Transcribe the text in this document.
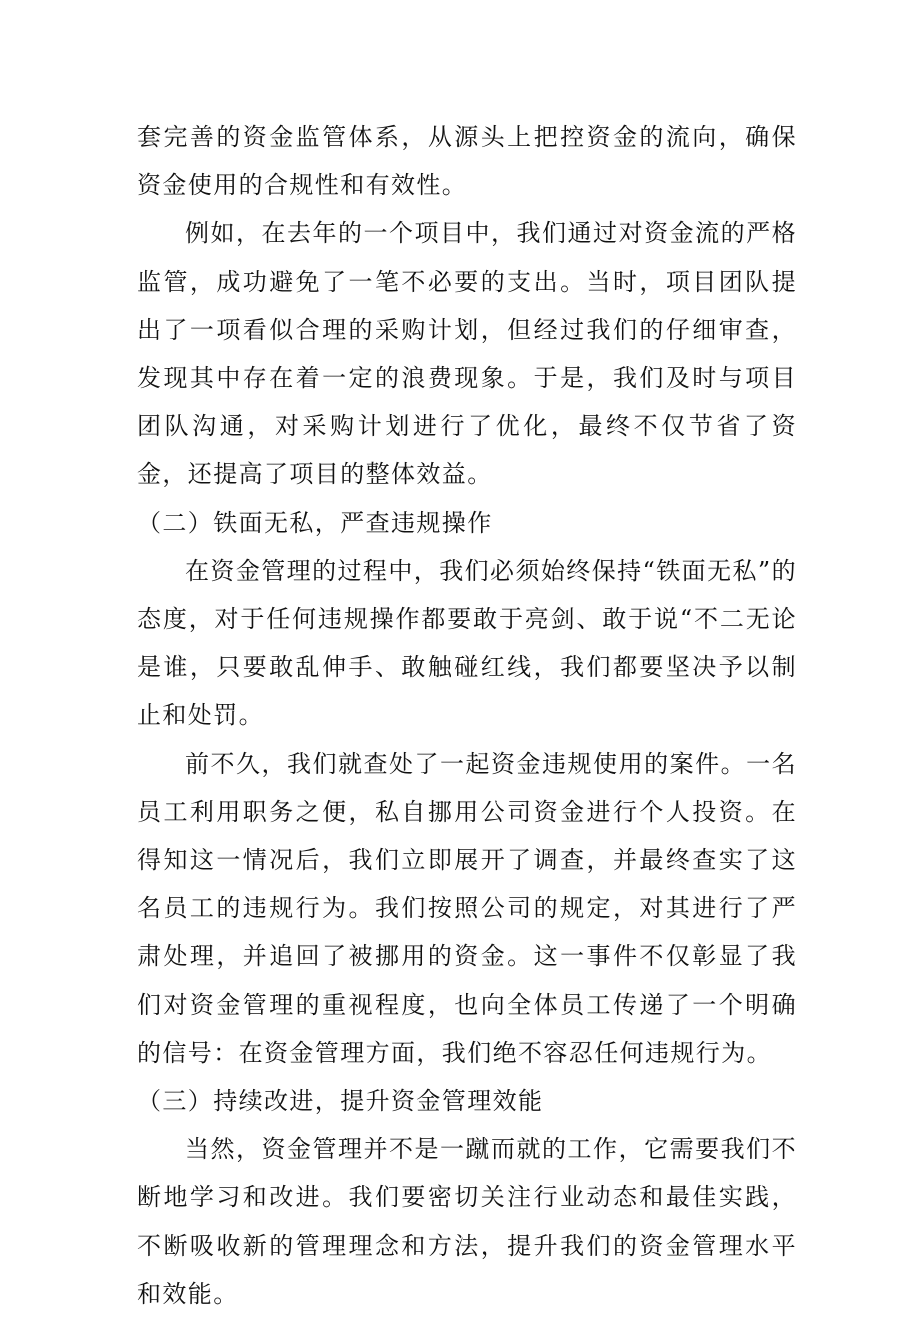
套完善的资金监管体系，从源头上把控资金的流向，确保资金使用的合规性和有效性。

例如，在去年的一个项目中，我们通过对资金流的严格监管，成功避免了一笔不必要的支出。当时，项目团队提出了一项看似合理的采购计划，但经过我们的仔细审查，发现其中存在着一定的浪费现象。于是，我们及时与项目团队沟通，对采购计划进行了优化，最终不仅节省了资金，还提高了项目的整体效益。

（二）铁面无私，严查违规操作

在资金管理的过程中，我们必须始终保持“铁面无私”的态度，对于任何违规操作都要敢于亮剑、敢于说“不二无论是谁，只要敢乱伸手、敢触碰红线，我们都要坚决予以制止和处罚。

前不久，我们就查处了一起资金违规使用的案件。一名员工利用职务之便，私自挪用公司资金进行个人投资。在得知这一情况后，我们立即展开了调查，并最终查实了这名员工的违规行为。我们按照公司的规定，对其进行了严肃处理，并追回了被挪用的资金。这一事件不仅彰显了我们对资金管理的重视程度，也向全体员工传递了一个明确的信号：在资金管理方面，我们绝不容忍任何违规行为。

（三）持续改进，提升资金管理效能

当然，资金管理并不是一蹴而就的工作，它需要我们不断地学习和改进。我们要密切关注行业动态和最佳实践，不断吸收新的管理理念和方法，提升我们的资金管理水平和效能。
